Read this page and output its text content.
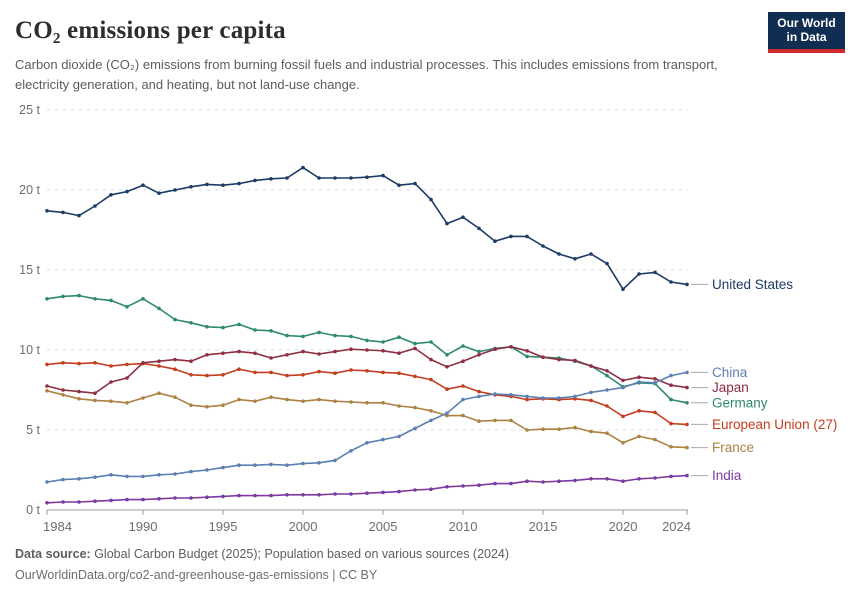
CO₂ emissions per capita

Carbon dioxide (CO₂) emissions from burning fossil fuels and industrial processes. This includes emissions from transport, electricity generation, and heating, but not land-use change.

Our World
in Data
0 t
5 t
10 t
15 t
20 t
25 t
1984	1990	1995	2000	2005	2010	2015	2020 2024
India
France
European Union (27)
Germany
Japan
China
United States
Data source: Global Carbon Budget (2025); Population based on various sources (2024)
OurWorldinData.org/co2-and-greenhouse-gas-emissions | CC BY
